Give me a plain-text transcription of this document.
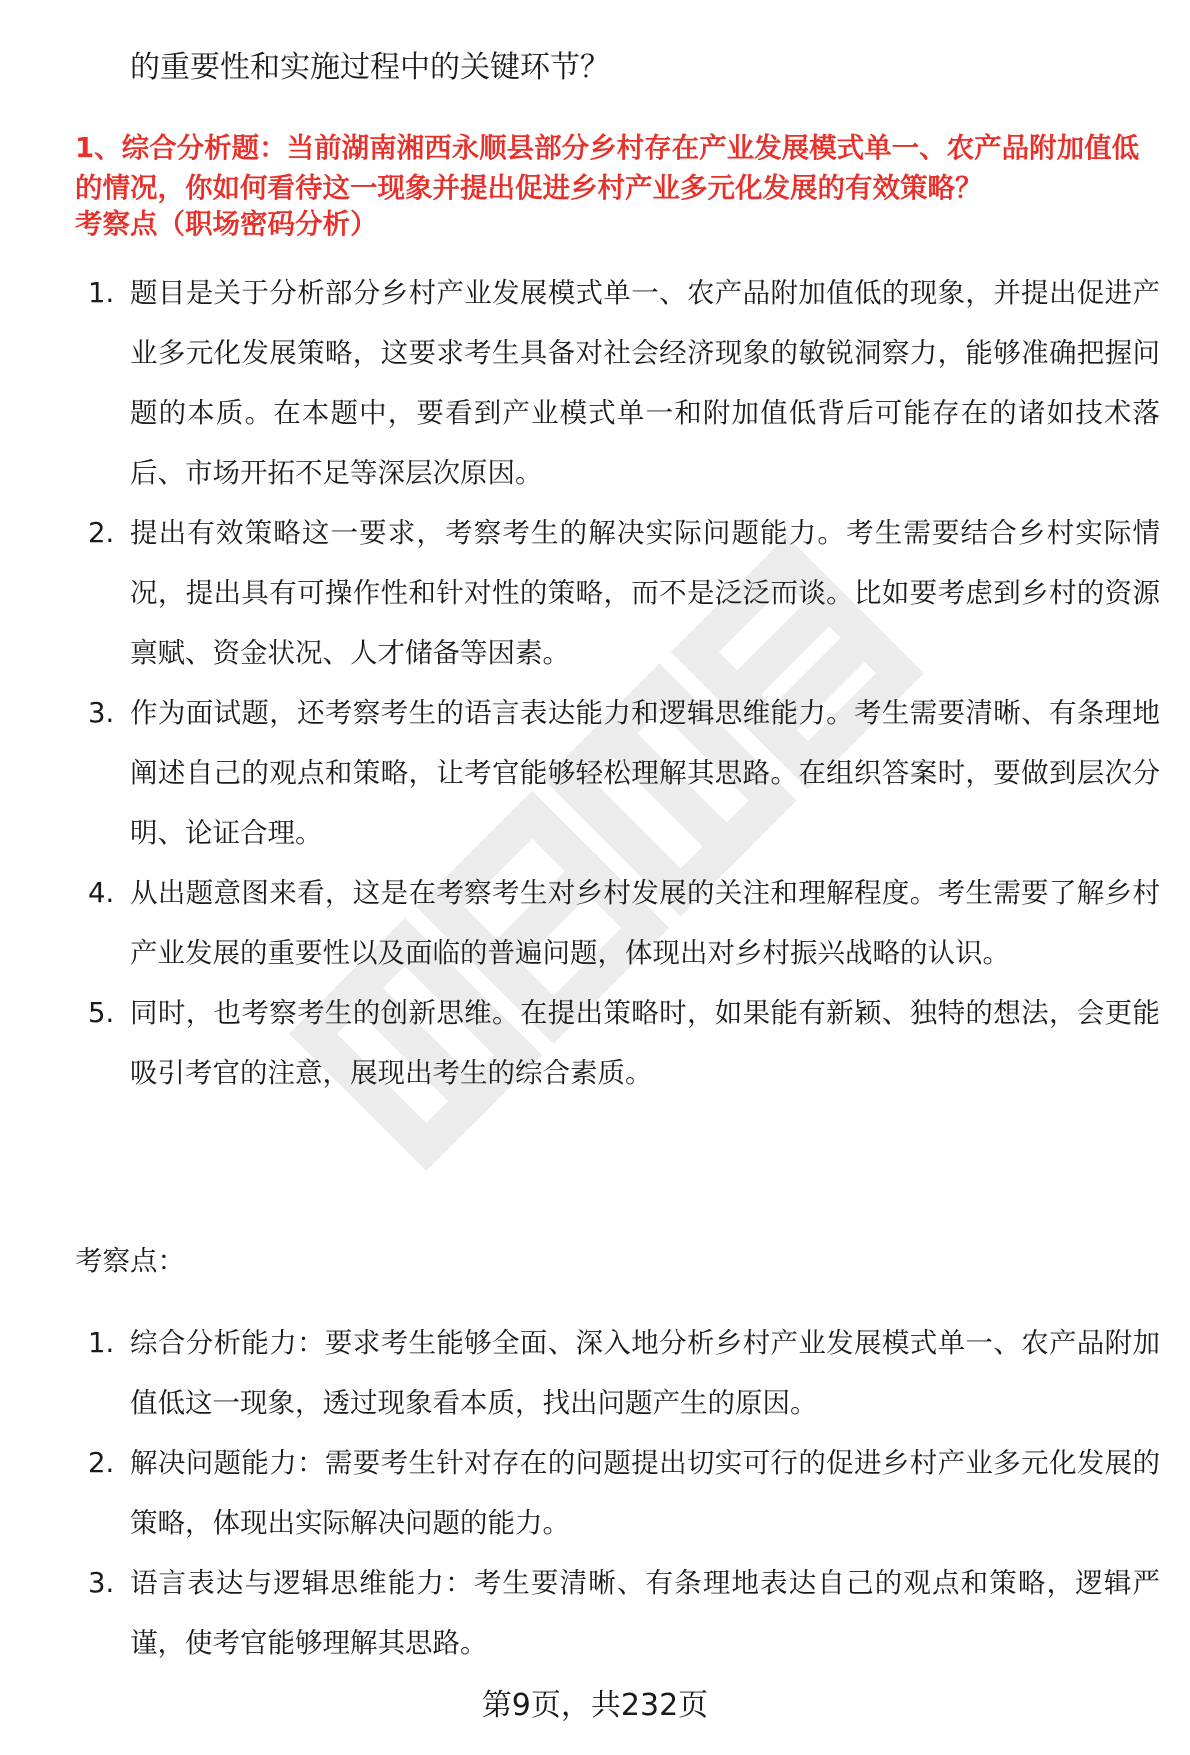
的重要性和实施过程中的关键环节？
1、综合分析题：当前湖南湘西永顺县部分乡村存在产业发展模式单一、农产品附加值低的情况，你如何看待这一现象并提出促进乡村产业多元化发展的有效策略？
考察点（职场密码分析）
1. 题目是关于分析部分乡村产业发展模式单一、农产品附加值低的现象，并提出促进产业多元化发展策略，这要求考生具备对社会经济现象的敏锐洞察力，能够准确把握问题的本质。在本题中，要看到产业模式单一和附加值低背后可能存在的诸如技术落后、市场开拓不足等深层次原因。
2. 提出有效策略这一要求，考察考生的解决实际问题能力。考生需要结合乡村实际情况，提出具有可操作性和针对性的策略，而不是泛泛而谈。比如要考虑到乡村的资源禀赋、资金状况、人才储备等因素。
3. 作为面试题，还考察考生的语言表达能力和逻辑思维能力。考生需要清晰、有条理地阐述自己的观点和策略，让考官能够轻松理解其思路。在组织答案时，要做到层次分明、论证合理。
4. 从出题意图来看，这是在考察考生对乡村发展的关注和理解程度。考生需要了解乡村产业发展的重要性以及面临的普遍问题，体现出对乡村振兴战略的认识。
5. 同时，也考察考生的创新思维。在提出策略时，如果能有新颖、独特的想法，会更能吸引考官的注意，展现出考生的综合素质。
考察点：
1. 综合分析能力：要求考生能够全面、深入地分析乡村产业发展模式单一、农产品附加值低这一现象，透过现象看本质，找出问题产生的原因。
2. 解决问题能力：需要考生针对存在的问题提出切实可行的促进乡村产业多元化发展的策略，体现出实际解决问题的能力。
3. 语言表达与逻辑思维能力：考生要清晰、有条理地表达自己的观点和策略，逻辑严谨，使考官能够理解其思路。
第9页，共232页
